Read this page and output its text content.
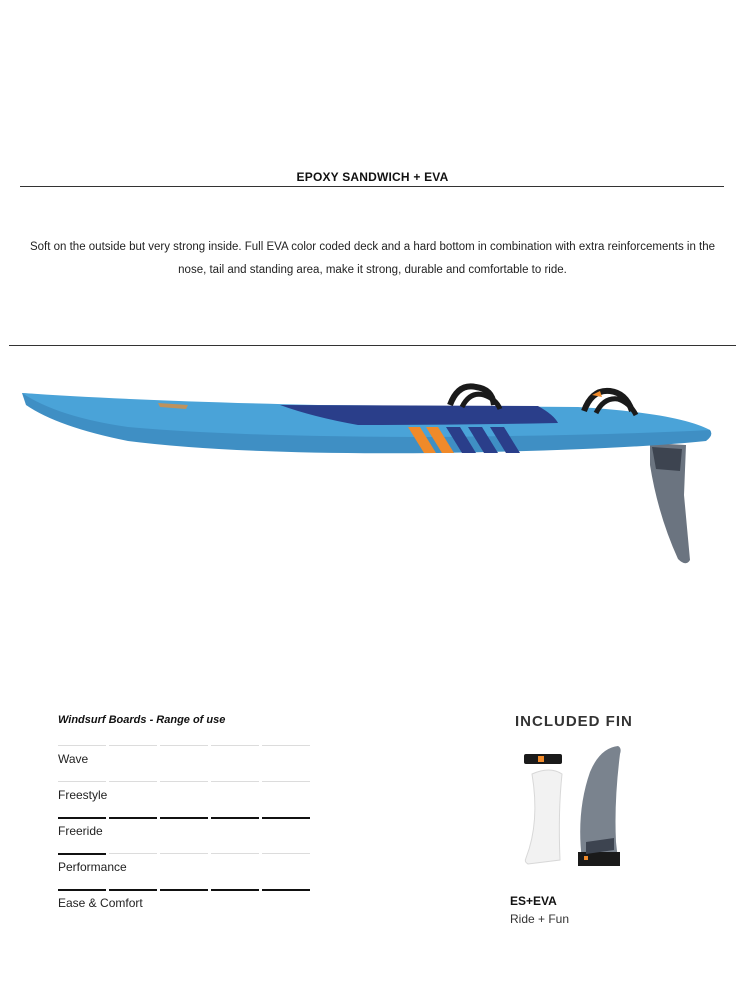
EPOXY SANDWICH + EVA
Soft on the outside but very strong inside. Full EVA color coded deck and a hard bottom in combination with extra reinforcements in the nose, tail and standing area, make it strong, durable and comfortable to ride.
Windsurf Boards - Range of use
Wave
Freestyle
Freeride
Performance
Ease & Comfort
INCLUDED FIN
ES+EVA
Ride + Fun
